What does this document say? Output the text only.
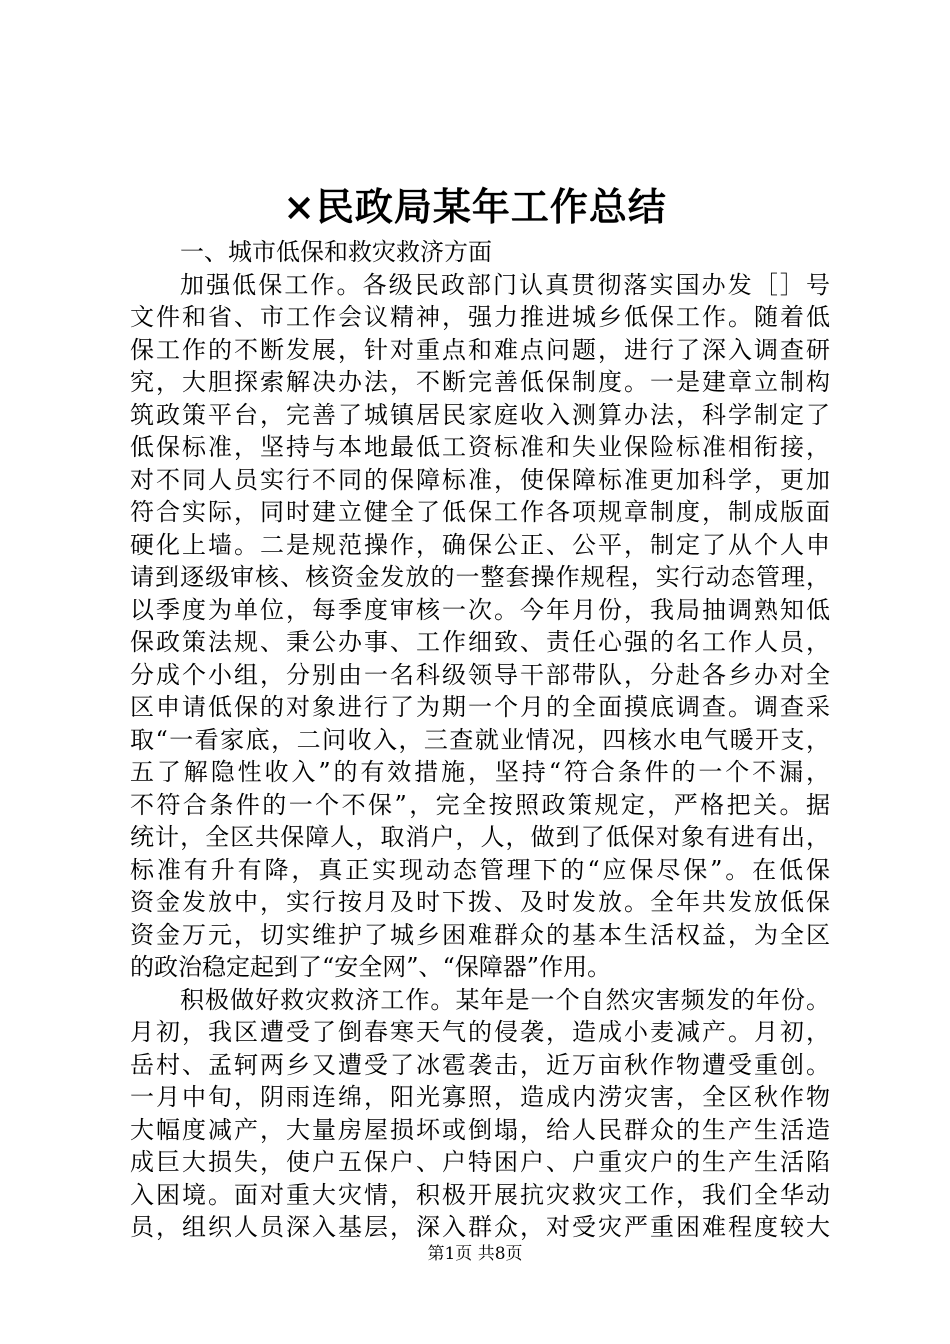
×民政局某年工作总结
一、城市低保和救灾救济方面
加强低保工作。各级民政部门认真贯彻落实国办发［］号
文件和省、市工作会议精神，强力推进城乡低保工作。随着低
保工作的不断发展，针对重点和难点问题，进行了深入调查研
究，大胆探索解决办法，不断完善低保制度。一是建章立制构
筑政策平台，完善了城镇居民家庭收入测算办法，科学制定了
低保标准，坚持与本地最低工资标准和失业保险标准相衔接，
对不同人员实行不同的保障标准，使保障标准更加科学，更加
符合实际，同时建立健全了低保工作各项规章制度，制成版面
硬化上墙。二是规范操作，确保公正、公平，制定了从个人申
请到逐级审核、核资金发放的一整套操作规程，实行动态管理，
以季度为单位，每季度审核一次。今年月份，我局抽调熟知低
保政策法规、秉公办事、工作细致、责任心强的名工作人员，
分成个小组，分别由一名科级领导干部带队，分赴各乡办对全
区申请低保的对象进行了为期一个月的全面摸底调查。调查采
取“一看家底，二问收入，三查就业情况，四核水电气暖开支，
五了解隐性收入”的有效措施，坚持“符合条件的一个不漏，
不符合条件的一个不保”，完全按照政策规定，严格把关。据
统计，全区共保障人，取消户，人，做到了低保对象有进有出，
标准有升有降，真正实现动态管理下的“应保尽保”。在低保
资金发放中，实行按月及时下拨、及时发放。全年共发放低保
资金万元，切实维护了城乡困难群众的基本生活权益，为全区
的政治稳定起到了“安全网”、“保障器”作用。
积极做好救灾救济工作。某年是一个自然灾害频发的年份。
月初，我区遭受了倒春寒天气的侵袭，造成小麦减产。月初，
岳村、孟轲两乡又遭受了冰雹袭击，近万亩秋作物遭受重创。
一月中旬，阴雨连绵，阳光寡照，造成内涝灾害，全区秋作物
大幅度减产，大量房屋损坏或倒塌，给人民群众的生产生活造
成巨大损失，使户五保户、户特困户、户重灾户的生产生活陷
入困境。面对重大灾情，积极开展抗灾救灾工作，我们全华动
员，组织人员深入基层，深入群众，对受灾严重困难程度较大
第1页 共8页
